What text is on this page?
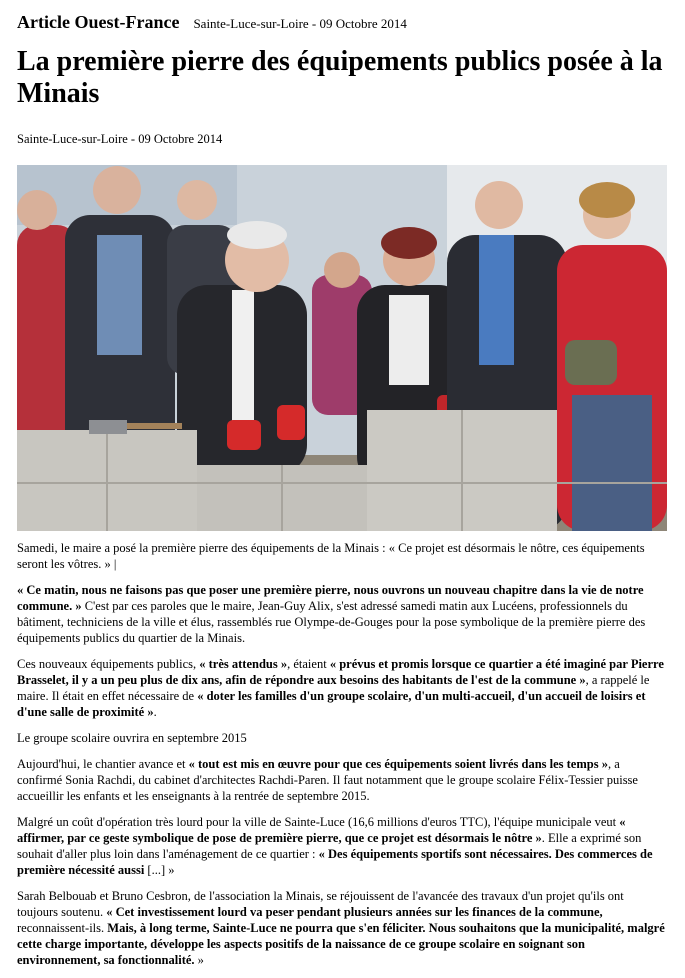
Article Ouest-France Sainte-Luce-sur-Loire - 09 Octobre 2014
La première pierre des équipements publics posée à la Minais
Sainte-Luce-sur-Loire - 09 Octobre 2014

Samedi, le maire a posé la première pierre des équipements de la Minais : « Ce projet est désormais le nôtre, ces équipements seront les vôtres. » |

« Ce matin, nous ne faisons pas que poser une première pierre, nous ouvrons un nouveau chapitre dans la vie de notre commune. » C'est par ces paroles que le maire, Jean-Guy Alix, s'est adressé samedi matin aux Lucéens, professionnels du bâtiment, techniciens de la ville et élus, rassemblés rue Olympe-de-Gouges pour la pose symbolique de la première pierre des équipements publics du quartier de la Minais.

Ces nouveaux équipements publics, « très attendus », étaient « prévus et promis lorsque ce quartier a été imaginé par Pierre Brasselet, il y a un peu plus de dix ans, afin de répondre aux besoins des habitants de l'est de la commune », a rappelé le maire. Il était en effet nécessaire de « doter les familles d'un groupe scolaire, d'un multi-accueil, d'un accueil de loisirs et d'une salle de proximité ».

Le groupe scolaire ouvrira en septembre 2015

Aujourd'hui, le chantier avance et « tout est mis en œuvre pour que ces équipements soient livrés dans les temps », a confirmé Sonia Rachdi, du cabinet d'architectes Rachdi-Paren. Il faut notamment que le groupe scolaire Félix-Tessier puisse accueillir les enfants et les enseignants à la rentrée de septembre 2015.

Malgré un coût d'opération très lourd pour la ville de Sainte-Luce (16,6 millions d'euros TTC), l'équipe municipale veut « affirmer, par ce geste symbolique de pose de première pierre, que ce projet est désormais le nôtre ». Elle a exprimé son souhait d'aller plus loin dans l'aménagement de ce quartier : « Des équipements sportifs sont nécessaires. Des commerces de première nécessité aussi [...] »

Sarah Belbouab et Bruno Cesbron, de l'association la Minais, se réjouissent de l'avancée des travaux d'un projet qu'ils ont toujours soutenu. « Cet investissement lourd va peser pendant plusieurs années sur les finances de la commune, reconnaissent-ils. Mais, à long terme, Sainte-Luce ne pourra que s'en féliciter. Nous souhaitons que la municipalité, malgré cette charge importante, développe les aspects positifs de la naissance de ce groupe scolaire en soignant son environnement, sa fonctionnalité. »
